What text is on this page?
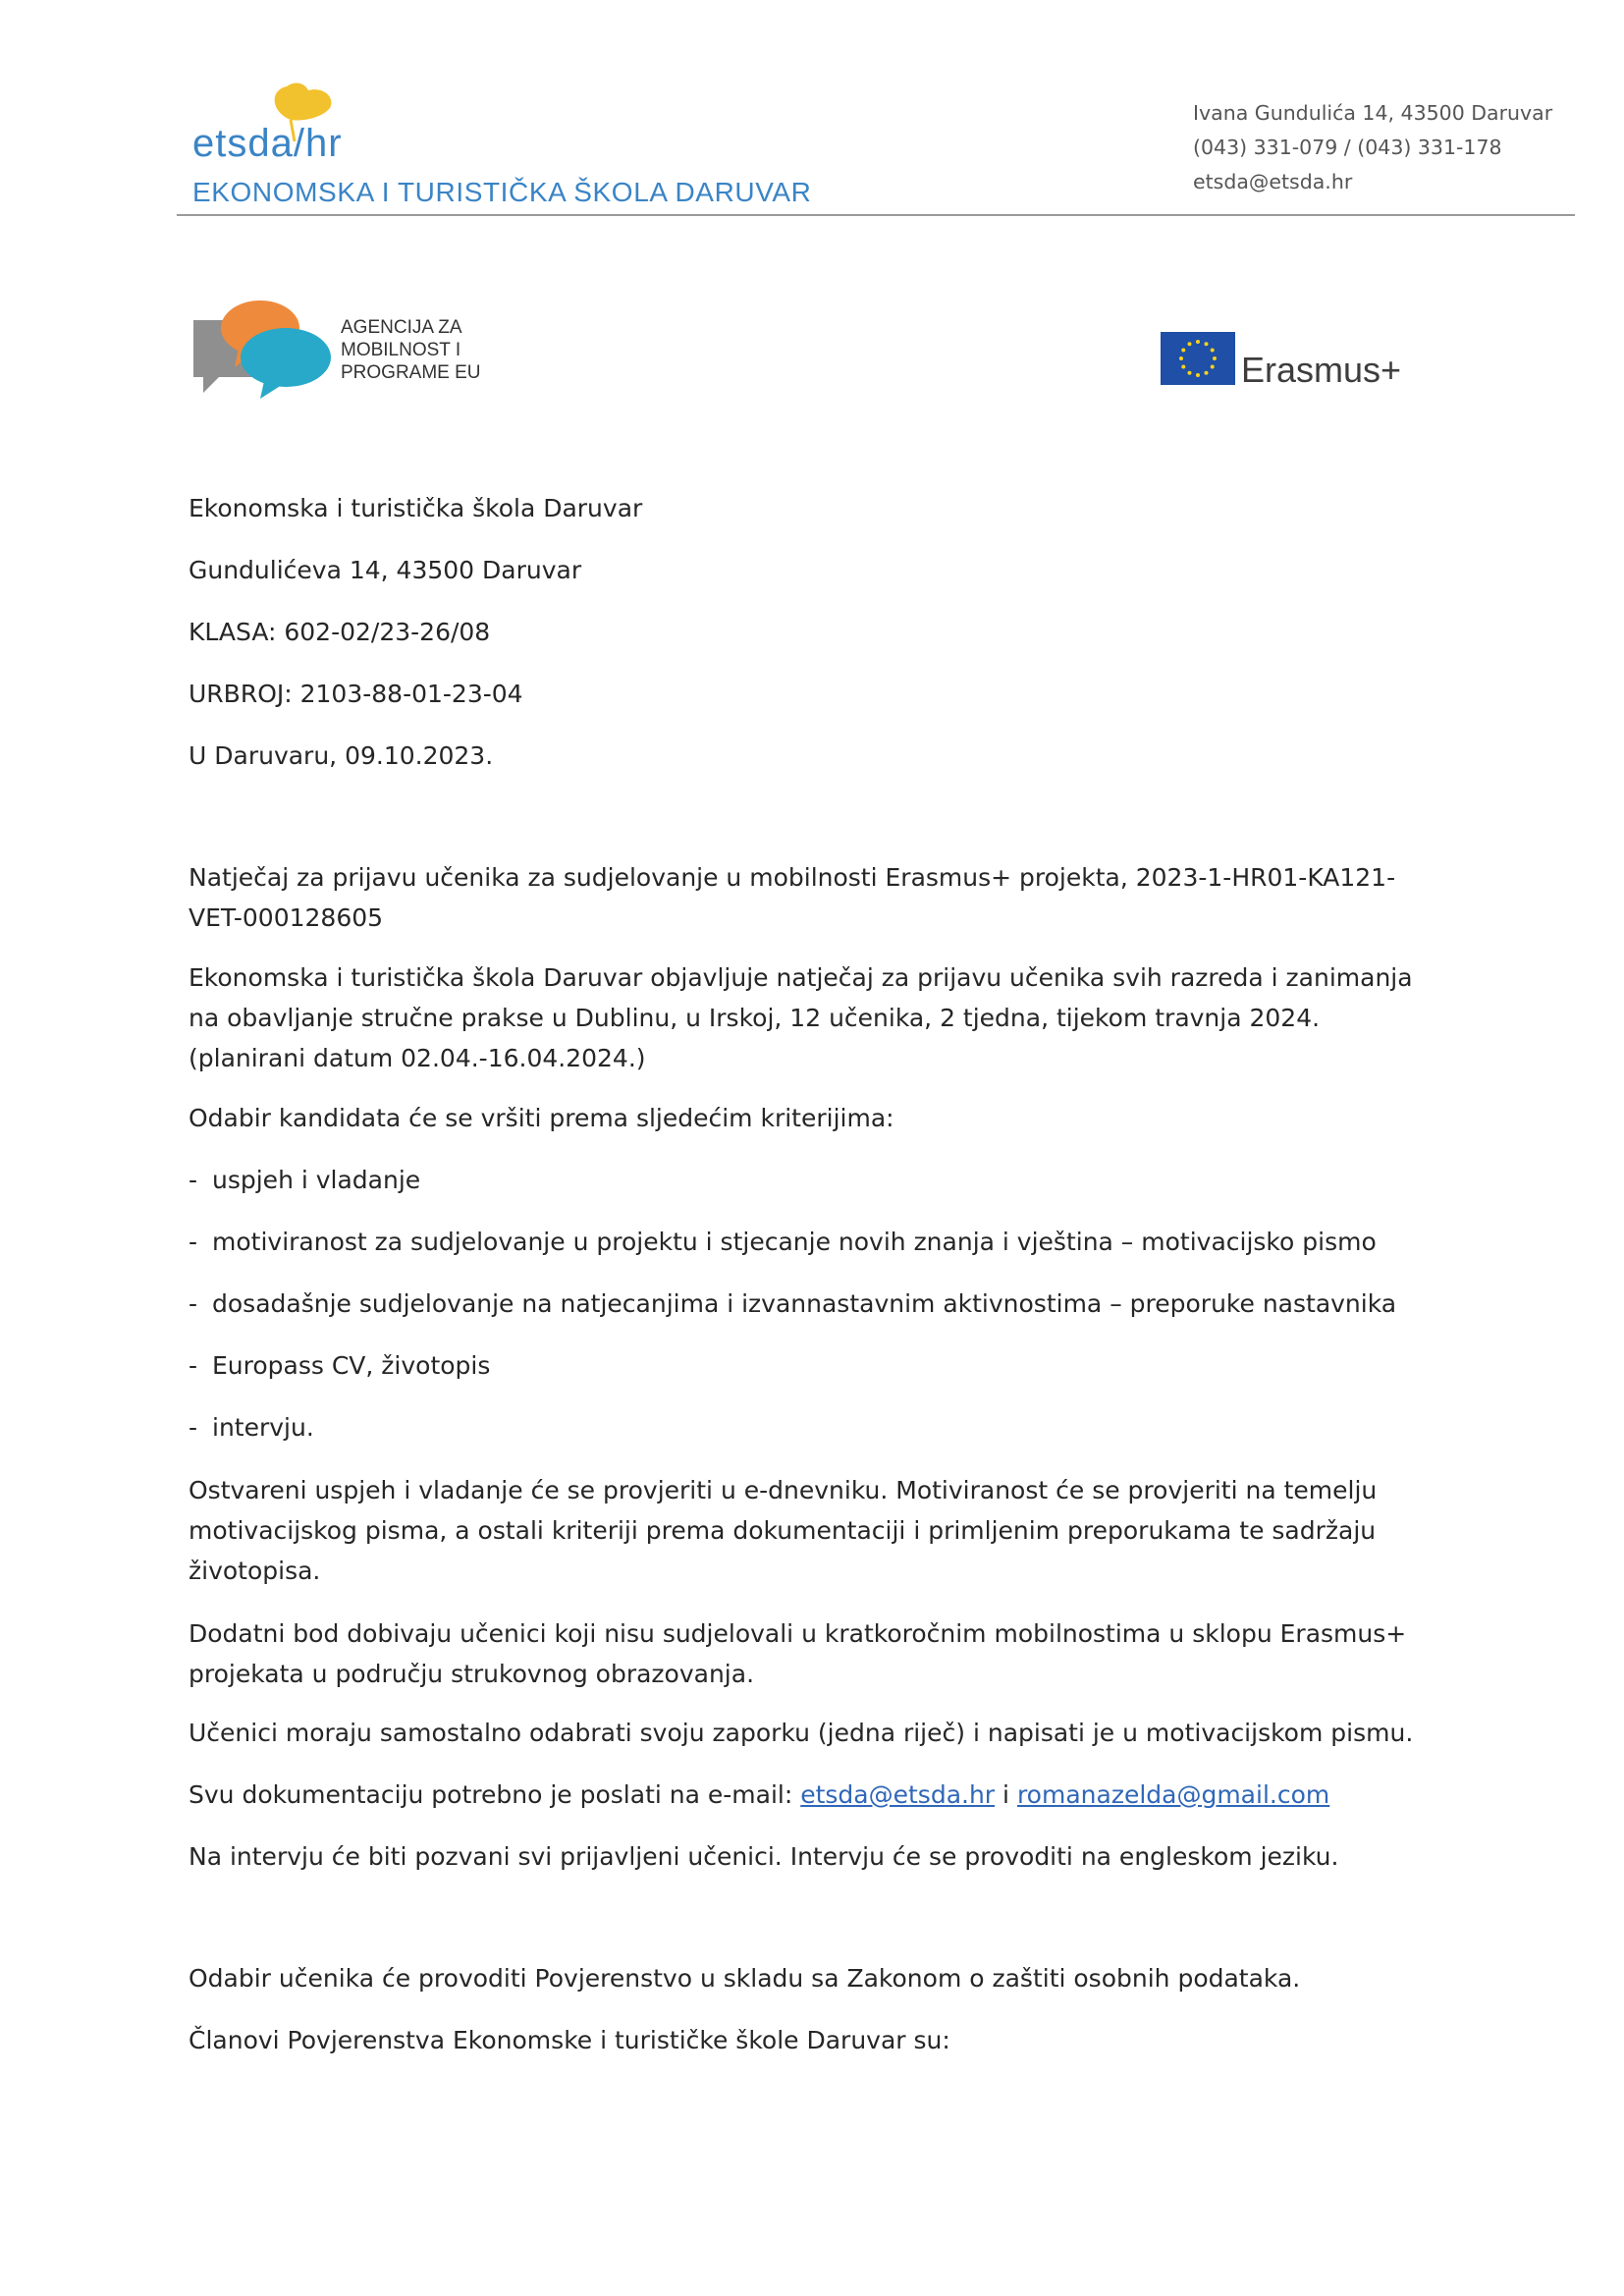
etsda/hr
EKONOMSKA I TURISTIČKA ŠKOLA DARUVAR
Ivana Gundulića 14, 43500 Daruvar
(043) 331-079 / (043) 331-178
etsda@etsda.hr
AGENCIJA ZA
MOBILNOST I
PROGRAME EU	Erasmus+
Ekonomska i turistička škola Daruvar
Gundulićeva 14, 43500 Daruvar
KLASA: 602-02/23-26/08
URBROJ: 2103-88-01-23-04
U Daruvaru, 09.10.2023.
Natječaj za prijavu učenika za sudjelovanje u mobilnosti Erasmus+ projekta, 2023-1-HR01-KA121-VET-000128605
Ekonomska i turistička škola Daruvar objavljuje natječaj za prijavu učenika svih razreda i zanimanja na obavljanje stručne prakse u Dublinu, u Irskoj, 12 učenika, 2 tjedna, tijekom travnja 2024. (planirani datum 02.04.-16.04.2024.)
Odabir kandidata će se vršiti prema sljedećim kriterijima:
- uspjeh i vladanje
- motiviranost za sudjelovanje u projektu i stjecanje novih znanja i vještina – motivacijsko pismo
- dosadašnje sudjelovanje na natjecanjima i izvannastavnim aktivnostima – preporuke nastavnika
- Europass CV, životopis
- intervju.
Ostvareni uspjeh i vladanje će se provjeriti u e-dnevniku. Motiviranost će se provjeriti na temelju motivacijskog pisma, a ostali kriteriji prema dokumentaciji i primljenim preporukama te sadržaju životopisa.
Dodatni bod dobivaju učenici koji nisu sudjelovali u kratkoročnim mobilnostima u sklopu Erasmus+ projekata u području strukovnog obrazovanja.
Učenici moraju samostalno odabrati svoju zaporku (jedna riječ) i napisati je u motivacijskom pismu.
Svu dokumentaciju potrebno je poslati na e-mail: etsda@etsda.hr i romanazelda@gmail.com
Na intervju će biti pozvani svi prijavljeni učenici. Intervju će se provoditi na engleskom jeziku.
Odabir učenika će provoditi Povjerenstvo u skladu sa Zakonom o zaštiti osobnih podataka.
Članovi Povjerenstva Ekonomske i turističke škole Daruvar su:
